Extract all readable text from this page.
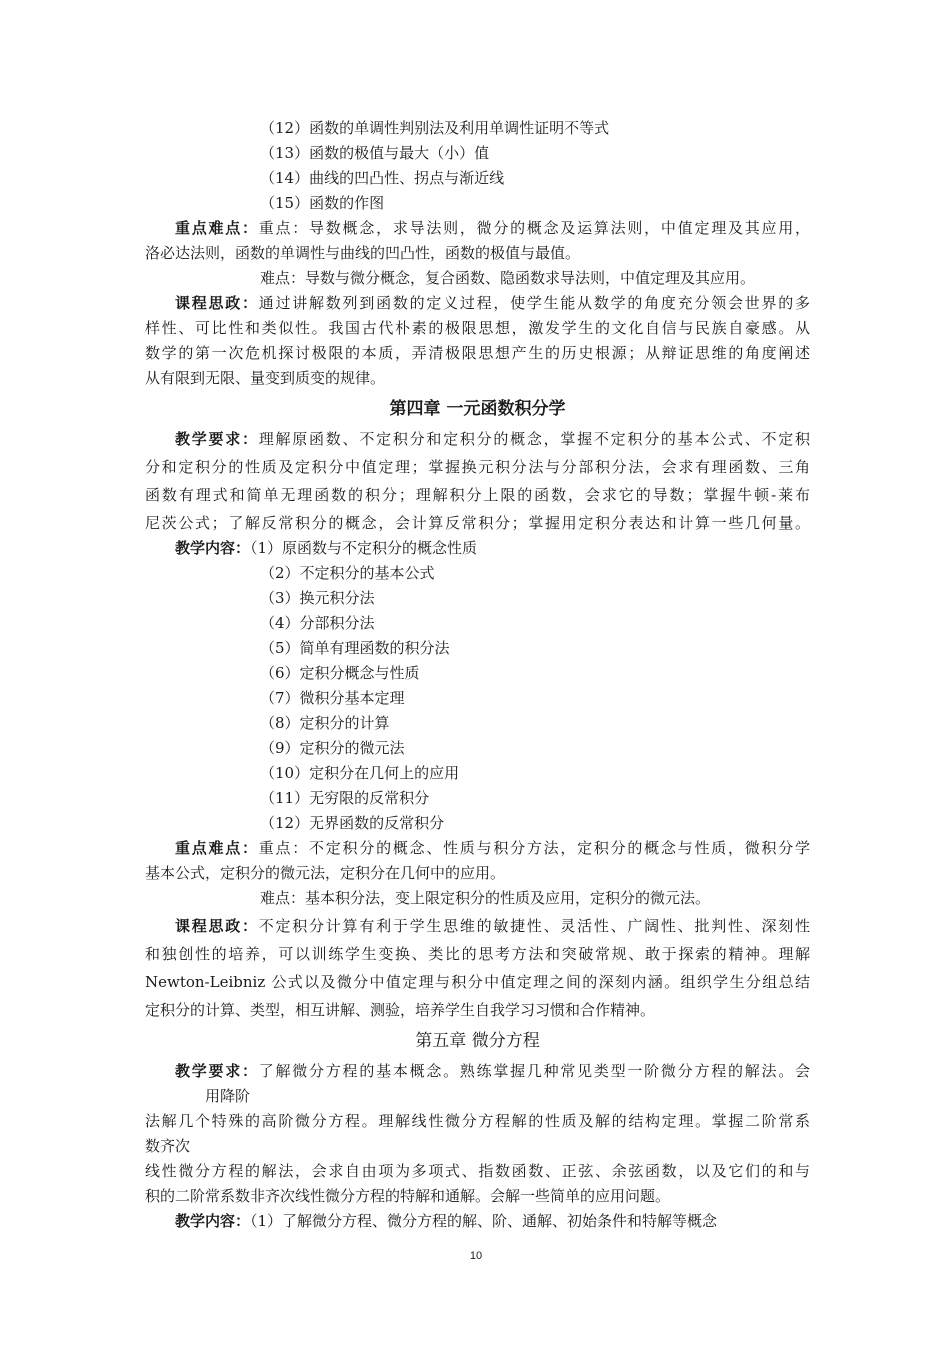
（12）函数的单调性判别法及利用单调性证明不等式
（13）函数的极值与最大（小）值
（14）曲线的凹凸性、拐点与渐近线
（15）函数的作图
重点难点：重点：导数概念，求导法则，微分的概念及运算法则，中值定理及其应用，
洛必达法则，函数的单调性与曲线的凹凸性，函数的极值与最值。
难点：导数与微分概念，复合函数、隐函数求导法则，中值定理及其应用。
课程思政：通过讲解数列到函数的定义过程，使学生能从数学的角度充分领会世界的多
样性、可比性和类似性。我国古代朴素的极限思想，激发学生的文化自信与民族自豪感。从
数学的第一次危机探讨极限的本质，弄清极限思想产生的历史根源；从辩证思维的角度阐述
从有限到无限、量变到质变的规律。
第四章 一元函数积分学
教学要求：理解原函数、不定积分和定积分的概念，掌握不定积分的基本公式、不定积
分和定积分的性质及定积分中值定理；掌握换元积分法与分部积分法，会求有理函数、三角
函数有理式和简单无理函数的积分；理解积分上限的函数，会求它的导数；掌握牛顿-莱布
尼茨公式；了解反常积分的概念，会计算反常积分；掌握用定积分表达和计算一些几何量。
教学内容：（1）原函数与不定积分的概念性质
（2）不定积分的基本公式
（3）换元积分法
（4）分部积分法
（5）简单有理函数的积分法
（6）定积分概念与性质
（7）微积分基本定理
（8）定积分的计算
（9）定积分的微元法
（10）定积分在几何上的应用
（11）无穷限的反常积分
（12）无界函数的反常积分
重点难点：重点：不定积分的概念、性质与积分方法，定积分的概念与性质，微积分学
基本公式，定积分的微元法，定积分在几何中的应用。
难点：基本积分法，变上限定积分的性质及应用，定积分的微元法。
课程思政：不定积分计算有利于学生思维的敏捷性、灵活性、广阔性、批判性、深刻性
和独创性的培养，可以训练学生变换、类比的思考方法和突破常规、敢于探索的精神。理解
Newton-Leibniz 公式以及微分中值定理与积分中值定理之间的深刻内涵。组织学生分组总结
定积分的计算、类型，相互讲解、测验，培养学生自我学习习惯和合作精神。
第五章 微分方程
教学要求：了解微分方程的基本概念。熟练掌握几种常见类型一阶微分方程的解法。会
用降阶
法解几个特殊的高阶微分方程。理解线性微分方程解的性质及解的结构定理。掌握二阶常系
数齐次
线性微分方程的解法，会求自由项为多项式、指数函数、正弦、余弦函数，以及它们的和与
积的二阶常系数非齐次线性微分方程的特解和通解。会解一些简单的应用问题。
教学内容：（1）了解微分方程、微分方程的解、阶、通解、初始条件和特解等概念
10
